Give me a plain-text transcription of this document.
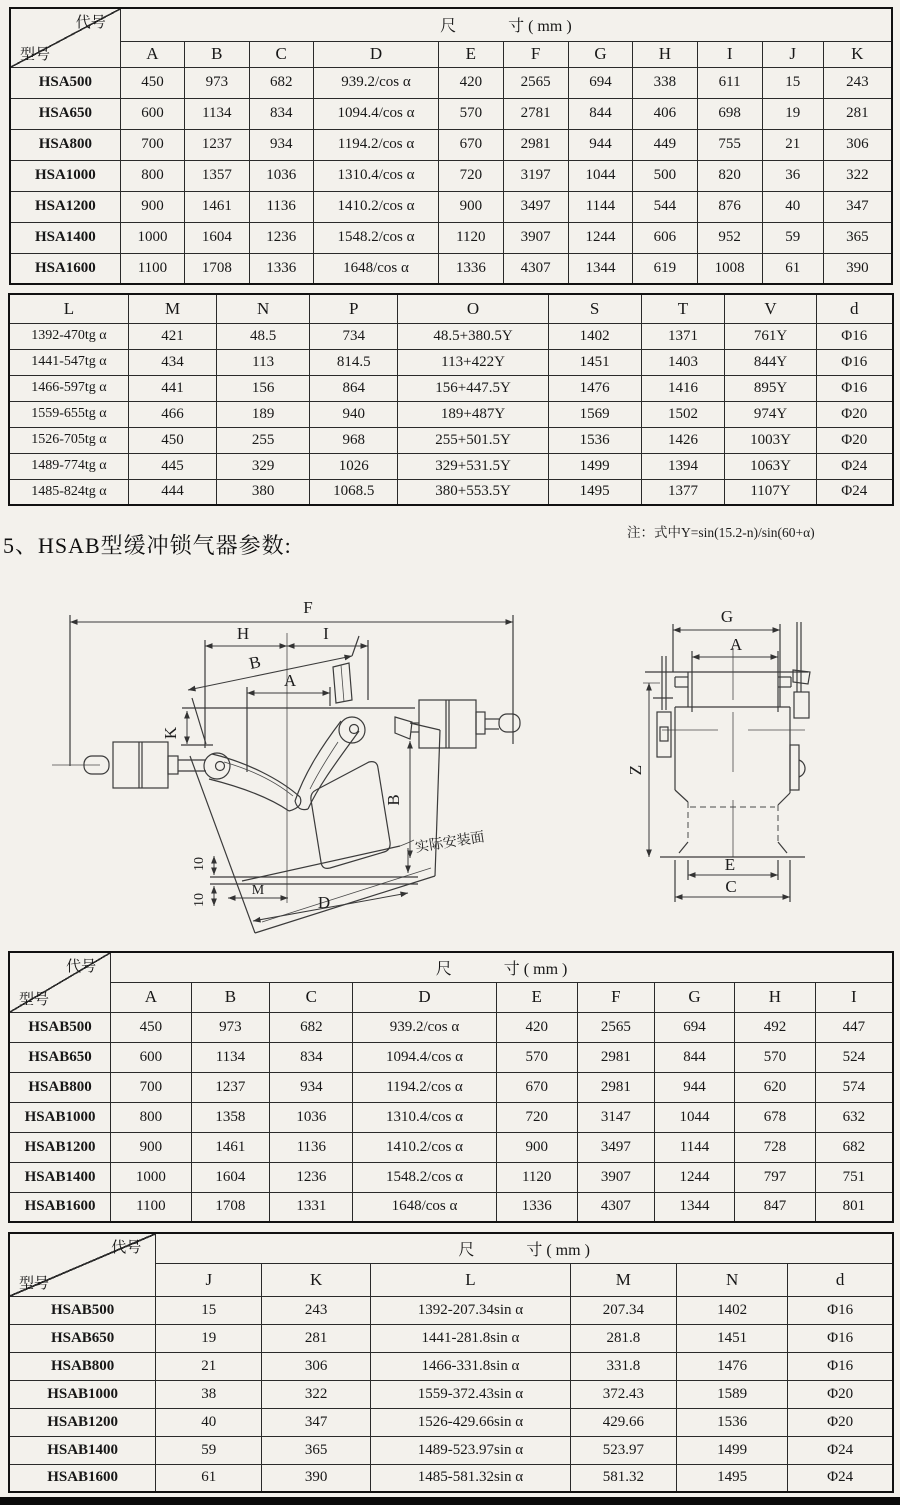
代号
型号	尺 寸 ( mm )										

	A	B	C	D	E	F	G	H	I	J	K
HSA500	450	973	682	939.2/cos α	420	2565	694	338	611	15	243
HSA650	600	1134	834	1094.4/cos α	570	2781	844	406	698	19	281
HSA800	700	1237	934	1194.2/cos α	670	2981	944	449	755	21	306
HSA1000	800	1357	1036	1310.4/cos α	720	3197	1044	500	820	36	322
HSA1200	900	1461	1136	1410.2/cos α	900	3497	1144	544	876	40	347
HSA1400	1000	1604	1236	1548.2/cos α	1120	3907	1244	606	952	59	365
HSA1600	1100	1708	1336	1648/cos α	1336	4307	1344	619	1008	61	390
L	M	N	P	O	S	T	V	d
1392-470tg α	421	48.5	734	48.5+380.5Y	1402	1371	761Y	Φ16
1441-547tg α	434	113	814.5	113+422Y	1451	1403	844Y	Φ16
1466-597tg α	441	156	864	156+447.5Y	1476	1416	895Y	Φ16
1559-655tg α	466	189	940	189+487Y	1569	1502	974Y	Φ20
1526-705tg α	450	255	968	255+501.5Y	1536	1426	1003Y	Φ20
1489-774tg α	445	329	1026	329+531.5Y	1499	1394	1063Y	Φ24
1485-824tg α	444	380	1068.5	380+553.5Y	1495	1377	1107Y	Φ24
5、HSAB型缓冲锁气器参数:
注：式中Y=sin(15.2-n)/sin(60+α)
F
H	I
B
A
K
B
实际安装面
10
10
M
D
G
A
Z
E
C
代号
型号	尺 寸 ( mm )								

	A	B	C	D	E	F	G	H	I
HSAB500	450	973	682	939.2/cos α	420	2565	694	492	447
HSAB650	600	1134	834	1094.4/cos α	570	2981	844	570	524
HSAB800	700	1237	934	1194.2/cos α	670	2981	944	620	574
HSAB1000	800	1358	1036	1310.4/cos α	720	3147	1044	678	632
HSAB1200	900	1461	1136	1410.2/cos α	900	3497	1144	728	682
HSAB1400	1000	1604	1236	1548.2/cos α	1120	3907	1244	797	751
HSAB1600	1100	1708	1331	1648/cos α	1336	4307	1344	847	801
代号
型号	尺 寸 ( mm )					

	J	K	L	M	N	d
HSAB500	15	243	1392-207.34sin α	207.34	1402	Φ16
HSAB650	19	281	1441-281.8sin α	281.8	1451	Φ16
HSAB800	21	306	1466-331.8sin α	331.8	1476	Φ16
HSAB1000	38	322	1559-372.43sin α	372.43	1589	Φ20
HSAB1200	40	347	1526-429.66sin α	429.66	1536	Φ20
HSAB1400	59	365	1489-523.97sin α	523.97	1499	Φ24
HSAB1600	61	390	1485-581.32sin α	581.32	1495	Φ24
